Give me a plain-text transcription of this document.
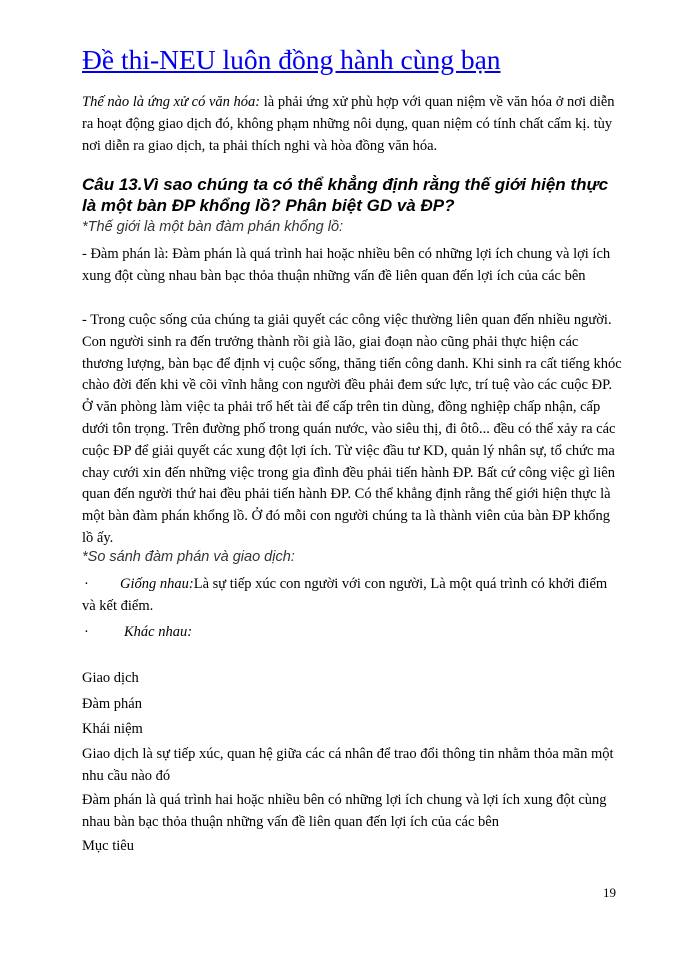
Đề thi-NEU luôn đồng hành cùng bạn
Thế nào là ứng xử có văn hóa: là phải ứng xử phù hợp với quan niệm về văn hóa ở nơi diễn ra hoạt động giao dịch đó, không phạm những nôi dụng, quan niệm có tính chất cấm kị. tùy nơi diễn ra giao dịch, ta phải thích nghi và hòa đồng văn hóa.
Câu 13.Vì sao chúng ta có thể khẳng định rằng thế giới hiện thực là một bàn ĐP khổng lồ? Phân biệt GD và ĐP?
*Thế giới là một bàn đàm phán khổng lồ:
- Đàm phán là: Đàm phán là quá trình hai hoặc nhiều bên có những lợi ích chung và lợi ích xung đột cùng nhau bàn bạc thỏa thuận những vấn đề liên quan đến lợi ích của các bên
- Trong cuộc sống của chúng ta giải quyết các công việc thường liên quan đến nhiều người. Con người sinh ra đến trưởng thành rồi già lão, giai đoạn nào cũng phải thực hiện các thương lượng, bàn bạc để định vị cuộc sống, thăng tiến công danh. Khi sinh ra cất tiếng khóc chào đời đến khi về cõi vĩnh hằng con người đều phải đem sức lực, trí tuệ vào các cuộc ĐP. Ở văn phòng làm việc ta phải trổ hết tài để cấp trên tin dùng, đồng nghiệp chấp nhận, cấp dưới tôn trọng. Trên đường phố trong quán nước, vào siêu thị, đi ôtô... đều có thể xảy ra các cuộc ĐP để giải quyết các xung đột lợi ích. Từ việc đầu tư KD, quản lý nhân sự, tổ chức ma chay cưới xin đến những việc trong gia đình đều phải tiến hành ĐP. Bất cứ công việc gì liên quan đến người thứ hai đều phải tiến hành ĐP. Có thể khẳng định rằng thế giới hiện thực là một bàn đàm phán khổng lồ. Ở đó mỗi con người chúng ta là thành viên của bàn ĐP khổng lồ ấy.
*So sánh đàm phán và giao dịch:
·	Giống nhau:Là sự tiếp xúc con người với con người, Là một quá trình có khởi điểm và kết điểm.
· Khác nhau:
Giao dịch
Đàm phán
Khái niệm
Giao dịch là sự tiếp xúc, quan hệ giữa các cá nhân để trao đổi thông tin nhằm thỏa mãn một nhu cầu nào đó
Đàm phán là quá trình hai hoặc nhiều bên có những lợi ích chung và lợi ích xung đột cùng nhau bàn bạc thỏa thuận những vấn đề liên quan đến lợi ích của các bên
Mục tiêu
19
